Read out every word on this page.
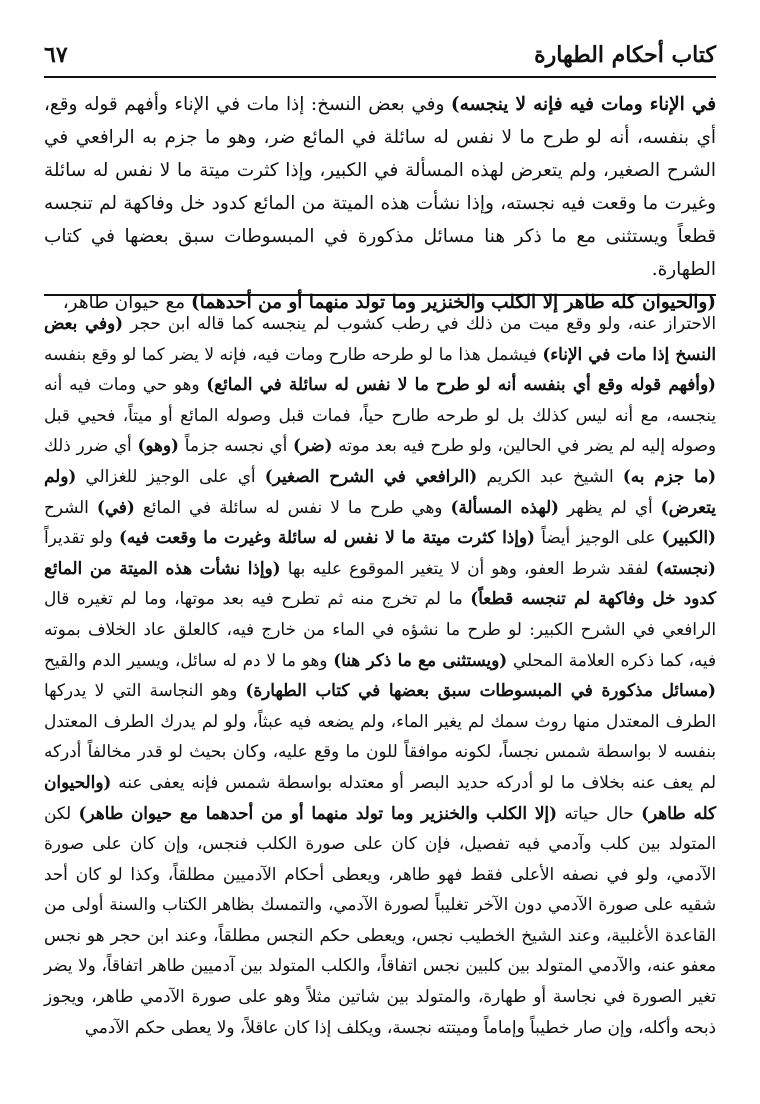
كتاب أحكام الطهارة
٦٧

في الإناء ومات فيه فإنه لا ينجسه) وفي بعض النسخ: إذا مات في الإناء وأفهم قوله وقع، أي بنفسه، أنه لو طرح ما لا نفس له سائلة في المائع ضر، وهو ما جزم به الرافعي في الشرح الصغير، ولم يتعرض لهذه المسألة في الكبير، وإذا كثرت ميتة ما لا نفس له سائلة وغيرت ما وقعت فيه نجسته، وإذا نشأت هذه الميتة من المائع كدود خل وفاكهة لم تنجسه قطعاً ويستثنى مع ما ذكر هنا مسائل مذكورة في المبسوطات سبق بعضها في كتاب الطهارة.

(والحيوان كله طاهر إلا الكلب والخنزير وما تولد منهما أو من أحدهما) مع حيوان طاهر،

الاحتراز عنه، ولو وقع ميت من ذلك في رطب كشوب لم ينجسه كما قاله ابن حجر (وفي بعض النسخ إذا مات في الإناء) فيشمل هذا ما لو طرحه طارح ومات فيه، فإنه لا يضر كما لو وقع بنفسه (وأفهم قوله وقع أي بنفسه أنه لو طرح ما لا نفس له سائلة في المائع) وهو حي ومات فيه أنه ينجسه، مع أنه ليس كذلك بل لو طرحه طارح حياً، فمات قبل وصوله المائع أو ميتاً، فحيي قبل وصوله إليه لم يضر في الحالين، ولو طرح فيه بعد موته (ضر) أي نجسه جزماً (وهو) أي ضرر ذلك (ما جزم به) الشيخ عبد الكريم (الرافعي في الشرح الصغير) أي على الوجيز للغزالي (ولم يتعرض) أي لم يظهر (لهذه المسألة) وهي طرح ما لا نفس له سائلة في المائع (في) الشرح (الكبير) على الوجيز أيضاً (وإذا كثرت ميتة ما لا نفس له سائلة وغيرت ما وقعت فيه) ولو تقديراً (نجسته) لفقد شرط العفو، وهو أن لا يتغير الموقوع عليه بها (وإذا نشأت هذه الميتة من المائع كدود خل وفاكهة لم تنجسه قطعاً) ما لم تخرج منه ثم تطرح فيه بعد موتها، وما لم تغيره قال الرافعي في الشرح الكبير: لو طرح ما نشؤه في الماء من خارج فيه، كالعلق عاد الخلاف بموته فيه، كما ذكره العلامة المحلي (ويستثنى مع ما ذكر هنا) وهو ما لا دم له سائل، ويسير الدم والقيح (مسائل مذكورة في المبسوطات سبق بعضها في كتاب الطهارة) وهو النجاسة التي لا يدركها الطرف المعتدل منها روث سمك لم يغير الماء، ولم يضعه فيه عبثاً، ولو لم يدرك الطرف المعتدل بنفسه لا بواسطة شمس نجساً، لكونه موافقاً للون ما وقع عليه، وكان بحيث لو قدر مخالفاً أدركه لم يعف عنه بخلاف ما لو أدركه حديد البصر أو معتدله بواسطة شمس فإنه يعفى عنه (والحيوان كله طاهر) حال حياته (إلا الكلب والخنزير وما تولد منهما أو من أحدهما مع حيوان طاهر) لكن المتولد بين كلب وآدمي فيه تفصيل، فإن كان على صورة الكلب فنجس، وإن كان على صورة الآدمي، ولو في نصفه الأعلى فقط فهو طاهر، ويعطى أحكام الآدميين مطلقاً، وكذا لو كان أحد شقيه على صورة الآدمي دون الآخر تغليباً لصورة الآدمي، والتمسك بظاهر الكتاب والسنة أولى من القاعدة الأغلبية، وعند الشيخ الخطيب نجس، ويعطى حكم النجس مطلقاً، وعند ابن حجر هو نجس معفو عنه، والآدمي المتولد بين كلبين نجس اتفاقاً، والكلب المتولد بين آدميين طاهر اتفاقاً، ولا يضر تغير الصورة في نجاسة أو طهارة، والمتولد بين شاتين مثلاً وهو على صورة الآدمي طاهر، ويجوز ذبحه وأكله، وإن صار خطيباً وإماماً وميتته نجسة، ويكلف إذا كان عاقلاً، ولا يعطى حكم الآدمي
